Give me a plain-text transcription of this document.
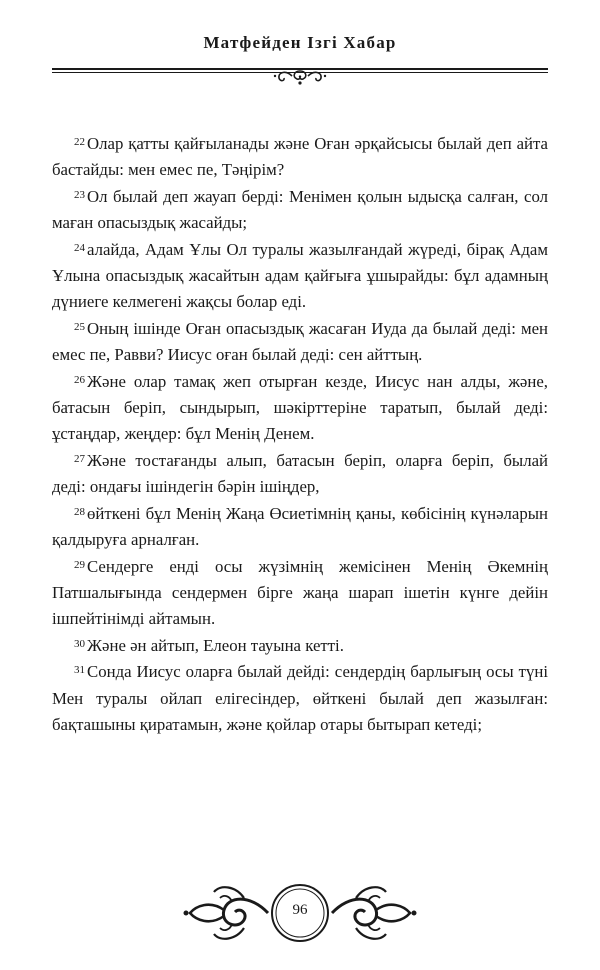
Матфейден Ізгі Хабар

$^{22}$ Олар қатты қайғыланады және Оған әрқайсысы былай деп айта бастайды: мен емес пе, Тәңірім?

$^{23}$ Ол былай деп жауап берді: Менімен қолын ыдысқа салған, сол маған опасыздық жасайды;

$^{24}$ алайда, Адам Ұлы Ол туралы жазылғандай жүреді, бірақ Адам Ұлына опасыздық жасайтын адам қайғыға ұшырайды: бұл адамның дүниеге келмегені жақсы болар еді.

$^{25}$ Оның ішінде Оған опасыздық жасаған Иуда да былай деді: мен емес пе, Равви? Иисус оған былай деді: сен айттың.

$^{26}$ Және олар тамақ жеп отырған кезде, Иисус нан алды, және, батасын беріп, сындырып, шәкірттеріне таратып, былай деді: ұстаңдар, жеңдер: бұл Менің Денем.

$^{27}$ Және тостағанды алып, батасын беріп, оларға беріп, былай деді: ондағы ішіндегін бәрін ішіңдер,

$^{28}$ өйткені бұл Менің Жаңа Өсиетімнің қаны, көбісінің күнәларын қалдыруға арналған.

$^{29}$ Сендерге енді осы жүзімнің жемісінен Менің Әкемнің Патшалығында сендермен бірге жаңа шарап ішетін күнге дейін ішпейтінімді айтамын.

$^{30}$ Және ән айтып, Елеон тауына кетті.

$^{31}$ Сонда Иисус оларға былай дейді: сендердің барлығың осы түні Мен туралы ойлап елігесіндер, өйткені былай деп жазылған: бақташыны қиратамын, және қойлар отары бытырап кетеді;

96
